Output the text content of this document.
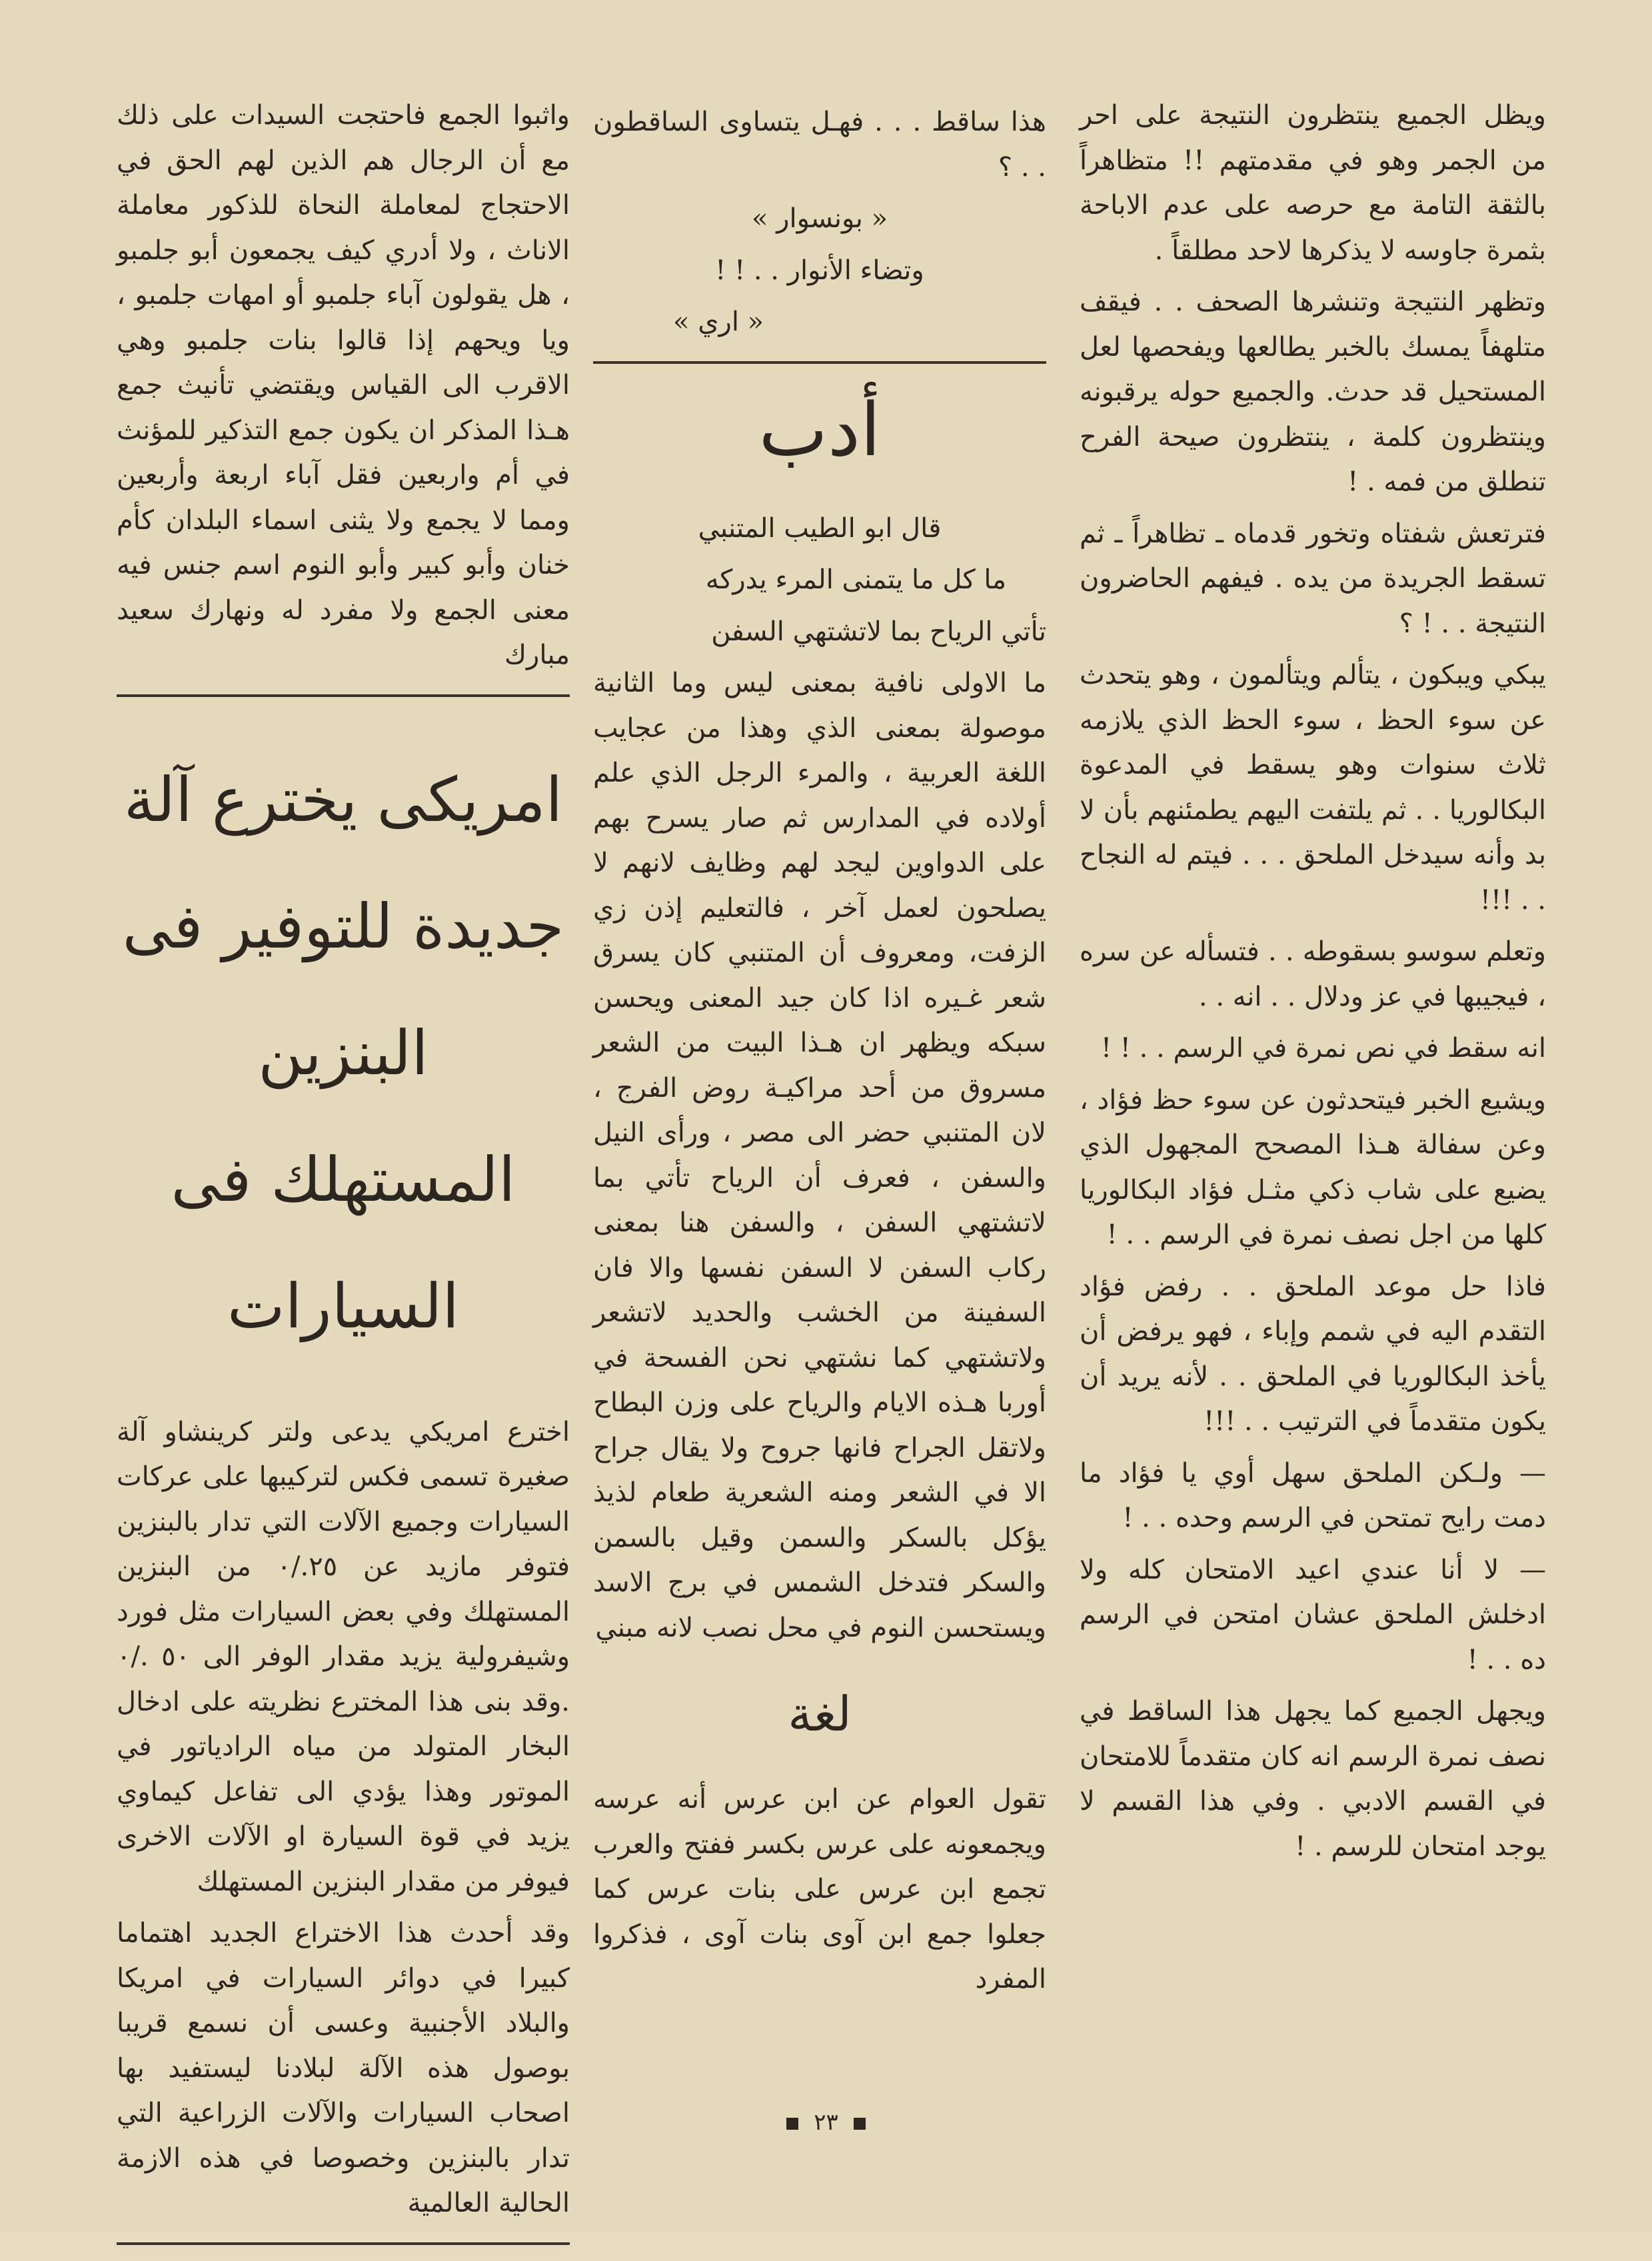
ويظل الجميع ينتظرون النتيجة على احر من الجمر وهو في مقدمتهم !! متظاهراً بالثقة التامة مع حرصه على عدم الاباحة بثمرة جاوسه لا يذكرها لاحد مطلقاً .

وتظهر النتيجة وتنشرها الصحف . . فيقف متلهفاً يمسك بالخبر يطالعها ويفحصها لعل المستحيل قد حدث. والجميع حوله يرقبونه وينتظرون كلمة ، ينتظرون صيحة الفرح تنطلق من فمه . !

فترتعش شفتاه وتخور قدماه ـ تظاهراً ـ ثم تسقط الجريدة من يده . فيفهم الحاضرون النتيجة . . ! ؟

يبكي ويبكون ، يتألم ويتألمون ، وهو يتحدث عن سوء الحظ ، سوء الحظ الذي يلازمه ثلاث سنوات وهو يسقط في المدعوة البكالوريا . . ثم يلتفت اليهم يطمئنهم بأن لا بد وأنه سيدخل الملحق . . . فيتم له النجاح . . !!!

وتعلم سوسو بسقوطه . . فتسأله عن سره ، فيجيبها في عز ودلال . . انه . .

انه سقط في نص نمرة في الرسم . . ! !

ويشيع الخبر فيتحدثون عن سوء حظ فؤاد ، وعن سفالة هـذا المصحح المجهول الذي يضيع على شاب ذكي مثـل فؤاد البكالوريا كلها من اجل نصف نمرة في الرسم . . !

فاذا حل موعد الملحق . . رفض فؤاد التقدم اليه في شمم وإباء ، فهو يرفض أن يأخذ البكالوريا في الملحق . . لأنه يريد أن يكون متقدماً في الترتيب . . !!!

— ولـكن الملحق سهل أوي يا فؤاد ما دمت رايح تمتحن في الرسم وحده . . !

— لا أنا عندي اعيد الامتحان كله ولا ادخلش الملحق عشان امتحن في الرسم ده . . !

ويجهل الجميع كما يجهل هذا الساقط في نصف نمرة الرسم انه كان متقدماً للامتحان في القسم الادبي . وفي هذا القسم لا يوجد امتحان للرسم . !

هذا ساقط . . . فهـل يتساوى الساقطون . . ؟

« بونسوار »

وتضاء الأنوار . . ! !

« اري »

أدب

قال ابو الطيب المتنبي

ما كل ما يتمنى المرء يدركه

تأتي الرياح بما لاتشتهي السفن

ما الاولى نافية بمعنى ليس وما الثانية موصولة بمعنى الذي وهذا من عجايب اللغة العربية ، والمرء الرجل الذي علم أولاده في المدارس ثم صار يسرح بهم على الدواوين ليجد لهم وظايف لانهم لا يصلحون لعمل آخر ، فالتعليم إذن زي الزفت، ومعروف أن المتنبي كان يسرق شعر غـيره اذا كان جيد المعنى ويحسن سبكه ويظهر ان هـذا البيت من الشعر مسروق من أحد مراكيـة روض الفرج ، لان المتنبي حضر الى مصر ، ورأى النيل والسفن ، فعرف أن الرياح تأتي بما لاتشتهي السفن ، والسفن هنا بمعنى ركاب السفن لا السفن نفسها والا فان السفينة من الخشب والحديد لاتشعر ولاتشتهي كما نشتهي نحن الفسحة في أوربا هـذه الايام والرياح على وزن البطاح ولاتقل الجراح فانها جروح ولا يقال جراح الا في الشعر ومنه الشعرية طعام لذيذ يؤكل بالسكر والسمن وقيل بالسمن والسكر فتدخل الشمس في برج الاسد ويستحسن النوم في محل نصب لانه مبني

لغة

تقول العوام عن ابن عرس أنه عرسه ويجمعونه على عرس بكسر ففتح والعرب تجمع ابن عرس على بنات عرس كما جعلوا جمع ابن آوى بنات آوى ، فذكروا المفرد

واثبوا الجمع فاحتجت السيدات على ذلك مع أن الرجال هم الذين لهم الحق في الاحتجاج لمعاملة النحاة للذكور معاملة الاناث ، ولا أدري كيف يجمعون أبو جلمبو ، هل يقولون آباء جلمبو أو امهات جلمبو ، ويا ويحهم إذا قالوا بنات جلمبو وهي الاقرب الى القياس ويقتضي تأنيث جمع هـذا المذكر ان يكون جمع التذكير للمؤنث في أم واربعين فقل آباء اربعة وأربعين ومما لا يجمع ولا يثنى اسماء البلدان كأم خنان وأبو كبير وأبو النوم اسم جنس فيه معنى الجمع ولا مفرد له ونهارك سعيد مبارك

امريكى يخترع آلة
جديدة للتوفير فى البنزين
المستهلك فى السيارات

اخترع امريكي يدعى ولتر كرينشاو آلة صغيرة تسمى فكس لتركيبها على عركات السيارات وجميع الآلات التي تدار بالبنزين فتوفر مازيد عن ٢٥./٠ من البنزين المستهلك وفي بعض السيارات مثل فورد وشيفرولية يزيد مقدار الوفر الى ٥٠ ./٠ .وقد بنى هذا المخترع نظريته على ادخال البخار المتولد من مياه الرادياتور في الموتور وهذا يؤدي الى تفاعل كيماوي يزيد في قوة السيارة او الآلات الاخرى فيوفر من مقدار البنزين المستهلك

وقد أحدث هذا الاختراع الجديد اهتماما كبيرا في دوائر السيارات في امريكا والبلاد الأجنبية وعسى أن نسمع قريبا بوصول هذه الآلة لبلادنا ليستفيد بها اصحاب السيارات والآلات الزراعية التي تدار بالبنزين وخصوصا في هذه الازمة الحالية العالمية

٢٣
